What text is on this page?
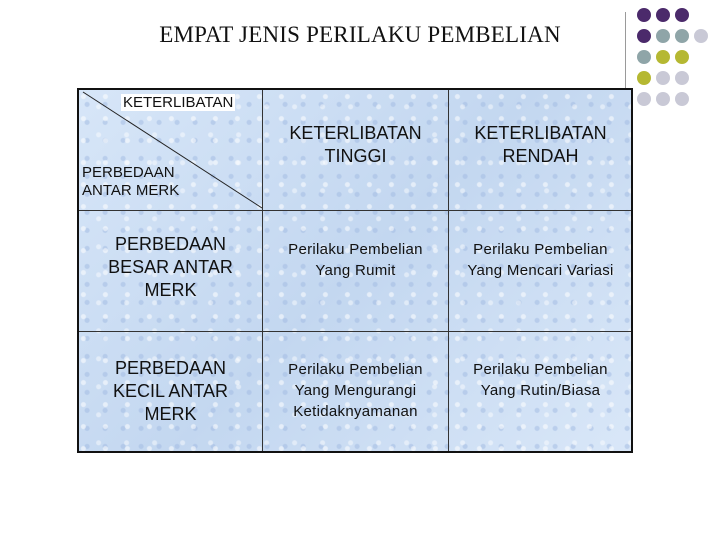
EMPAT JENIS PERILAKU PEMBELIAN
KETERLIBATAN
PERBEDAAN
ANTAR MERK
KETERLIBATAN
TINGGI
KETERLIBATAN
RENDAH
PERBEDAAN
BESAR ANTAR
MERK
Perilaku Pembelian
Yang Rumit
Perilaku Pembelian
Yang Mencari Variasi
PERBEDAAN
KECIL ANTAR
MERK
Perilaku Pembelian
Yang Mengurangi
Ketidaknyamanan
Perilaku Pembelian
Yang Rutin/Biasa
